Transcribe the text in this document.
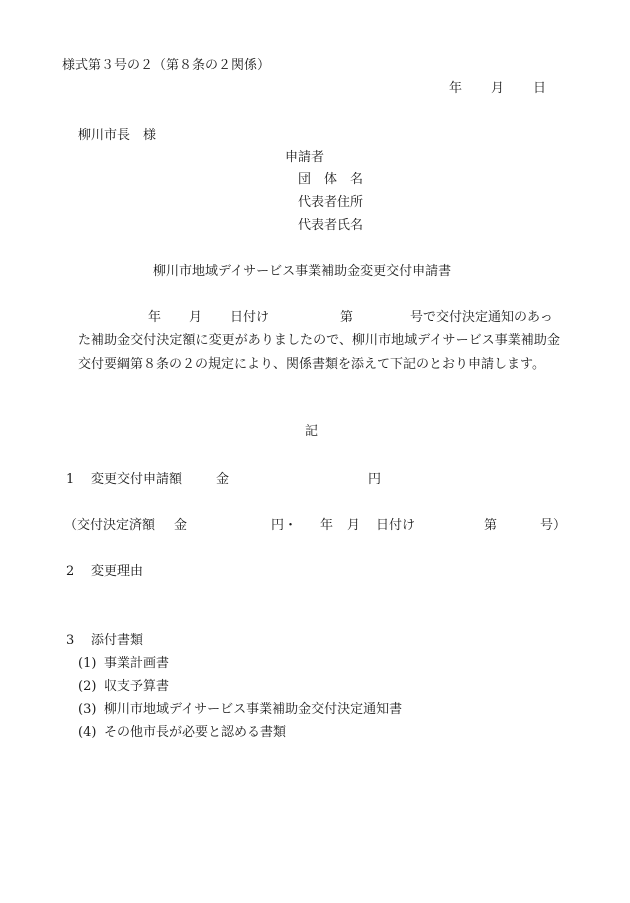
様式第３号の２（第８条の２関係）
年 月 日
柳川市長　様
申請者
団　体　名
代表者住所
代表者氏名
柳川市地域デイサービス事業補助金変更交付申請書
年 月 日付け	第	号で交付決定通知のあっ
た補助金交付決定額に変更がありましたので、柳川市地域デイサービス事業補助金交付要綱第８条の２の規定により、関係書類を添えて下記のとおり申請します。
記
1 変更交付申請額	金	円
（交付決定済額 金	円・ 年 月 日付け	第	号）
2 変更理由
3 添付書類
(1) 事業計画書
(2) 収支予算書
(3) 柳川市地域デイサービス事業補助金交付決定通知書
(4) その他市長が必要と認める書類
